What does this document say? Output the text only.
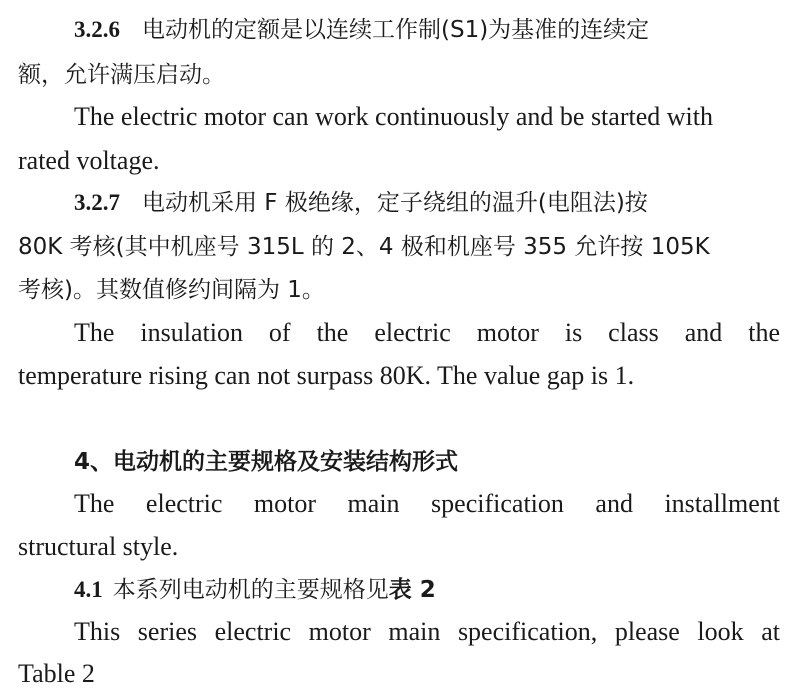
3.2.6 电动机的定额是以连续工作制(S1)为基准的连续定
额，允许满压启动。
The electric motor can work continuously and be started with
rated voltage.
3.2.7 电动机采用 F 极绝缘，定子绕组的温升(电阻法)按
80K 考核(其中机座号 315L 的 2、4 极和机座号 355 允许按 105K
考核)。其数值修约间隔为 1。
The insulation of the electric motor is class and the
temperature rising can not surpass 80K. The value gap is 1.
4、电动机的主要规格及安装结构形式
The electric motor main specification and installment
structural style.
4.1 本系列电动机的主要规格见表 2
This series electric motor main specification, please look at
Table 2
